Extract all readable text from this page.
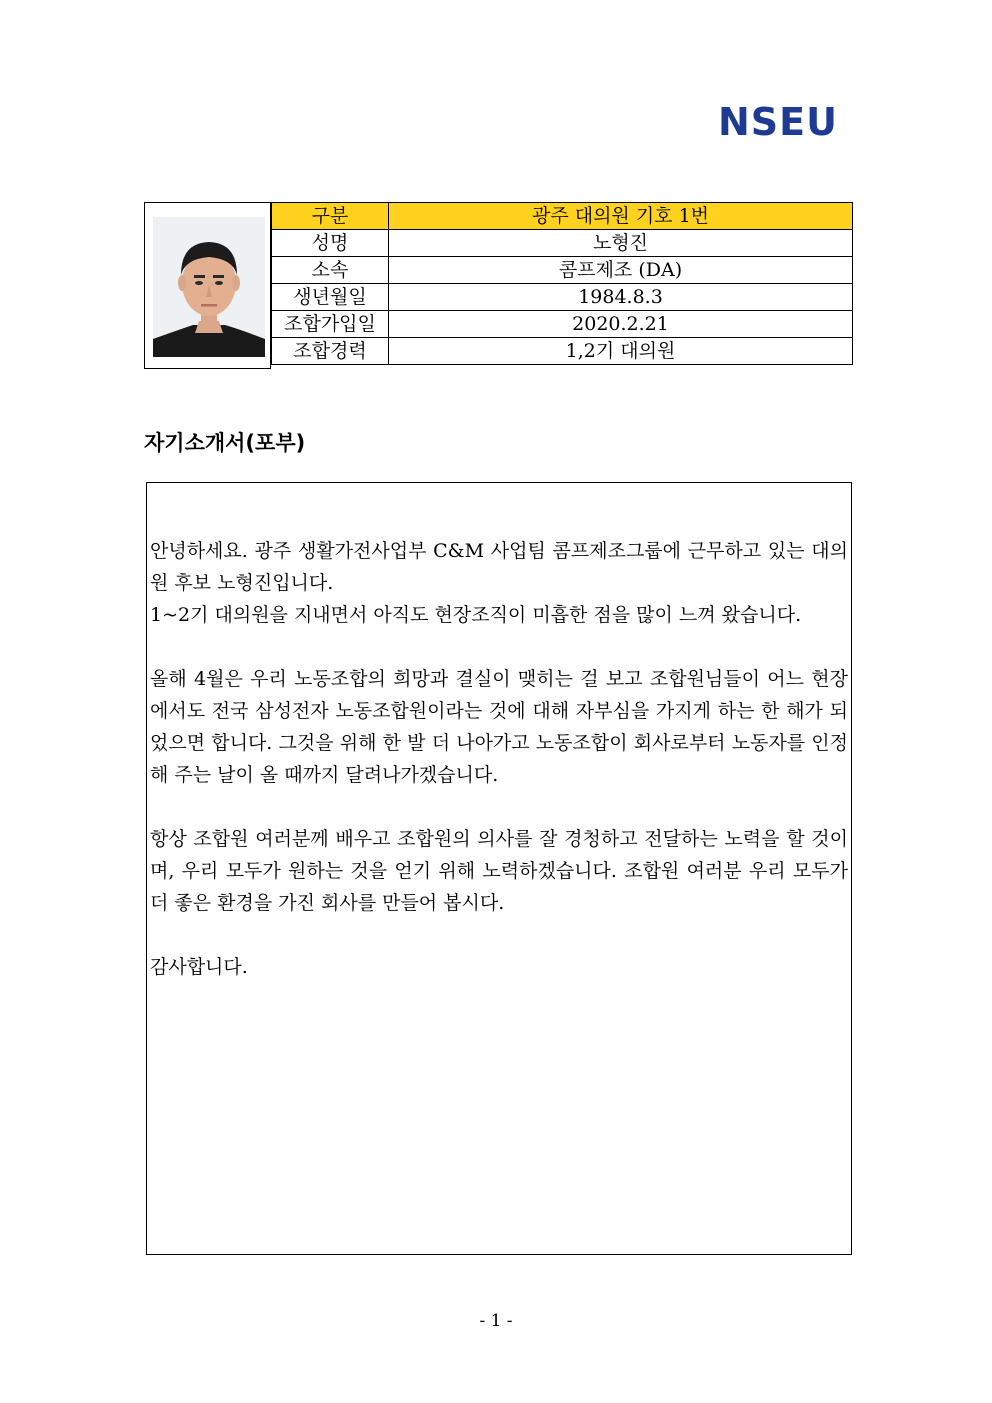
NSEU
구분	광주 대의원 기호 1번
성명	노형진
소속	콤프제조 (DA)
생년월일	1984.8.3
조합가입일	2020.2.21
조합경력	1,2기 대의원
자기소개서(포부)

안녕하세요. 광주 생활가전사업부 C&M 사업팀 콤프제조그룹에 근무하고 있는 대의원 후보 노형진입니다.

1~2기 대의원을 지내면서 아직도 현장조직이 미흡한 점을 많이 느껴 왔습니다.

올해 4월은 우리 노동조합의 희망과 결실이 맺히는 걸 보고 조합원님들이 어느 현장에서도 전국 삼성전자 노동조합원이라는 것에 대해 자부심을 가지게 하는 한 해가 되었으면 합니다. 그것을 위해 한 발 더 나아가고 노동조합이 회사로부터 노동자를 인정해 주는 날이 올 때까지 달려나가겠습니다.

항상 조합원 여러분께 배우고 조합원의 의사를 잘 경청하고 전달하는 노력을 할 것이며, 우리 모두가 원하는 것을 얻기 위해 노력하겠습니다. 조합원 여러분 우리 모두가 더 좋은 환경을 가진 회사를 만들어 봅시다.

감사합니다.

- 1 -
